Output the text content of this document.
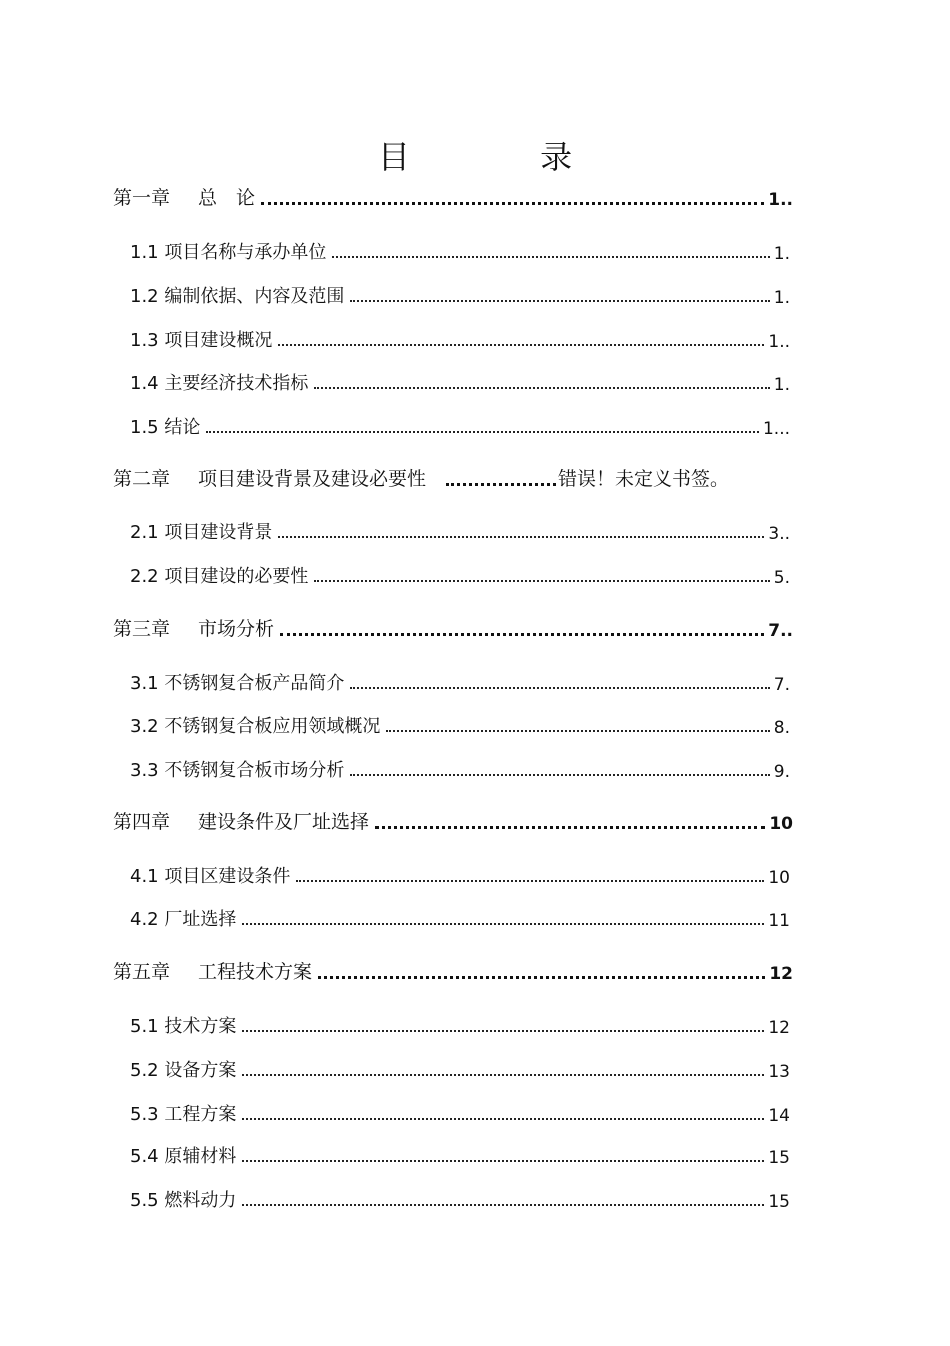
目 录
第一章 总　论	1..
1.1 项目名称与承办单位	1.
1.2 编制依据、内容及范围	1.
1.3 项目建设概况	1..
1.4 主要经济技术指标	1.
1.5 结论	1...
第二章 项目建设背景及建设必要性	错误！未定义书签。
2.1 项目建设背景	3..
2.2 项目建设的必要性	5.
第三章 市场分析	7..
3.1 不锈钢复合板产品简介	7.
3.2 不锈钢复合板应用领域概况	8.
3.3 不锈钢复合板市场分析	9.
第四章 建设条件及厂址选择	10
4.1 项目区建设条件	10
4.2 厂址选择	11
第五章 工程技术方案	12
5.1 技术方案	12
5.2 设备方案	13
5.3 工程方案	14
5.4 原辅材料	15
5.5 燃料动力	15
